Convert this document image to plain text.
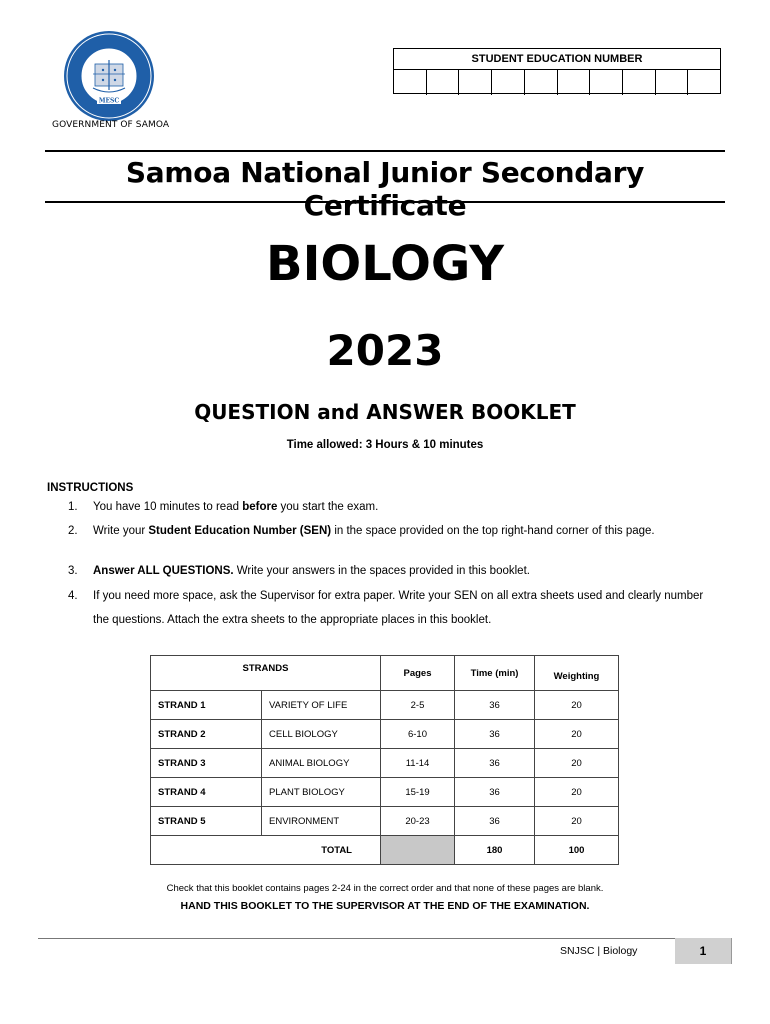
MESC
GOVERNMENT OF SAMOA
STUDENT EDUCATION NUMBER
Samoa National Junior Secondary Certificate
BIOLOGY
2023
QUESTION and ANSWER BOOKLET
Time allowed: 3 Hours & 10 minutes
INSTRUCTIONS
1. You have 10 minutes to read before you start the exam.
2. Write your Student Education Number (SEN) in the space provided on the top right-hand corner of this page.
3. Answer ALL QUESTIONS. Write your answers in the spaces provided in this booklet.
4. If you need more space, ask the Supervisor for extra paper. Write your SEN on all extra sheets used and clearly number the questions. Attach the extra sheets to the appropriate places in this booklet.
STRANDS		Pages	Time (min)	Weighting
STRAND 1	VARIETY OF LIFE	2-5	36	20
STRAND 2	CELL BIOLOGY	6-10	36	20
STRAND 3	ANIMAL BIOLOGY	11-14	36	20
STRAND 4	PLANT BIOLOGY	15-19	36	20
STRAND 5	ENVIRONMENT	20-23	36	20
TOTAL			180	100
Check that this booklet contains pages 2-24 in the correct order and that none of these pages are blank.
HAND THIS BOOKLET TO THE SUPERVISOR AT THE END OF THE EXAMINATION.
SNJSC | Biology	1
